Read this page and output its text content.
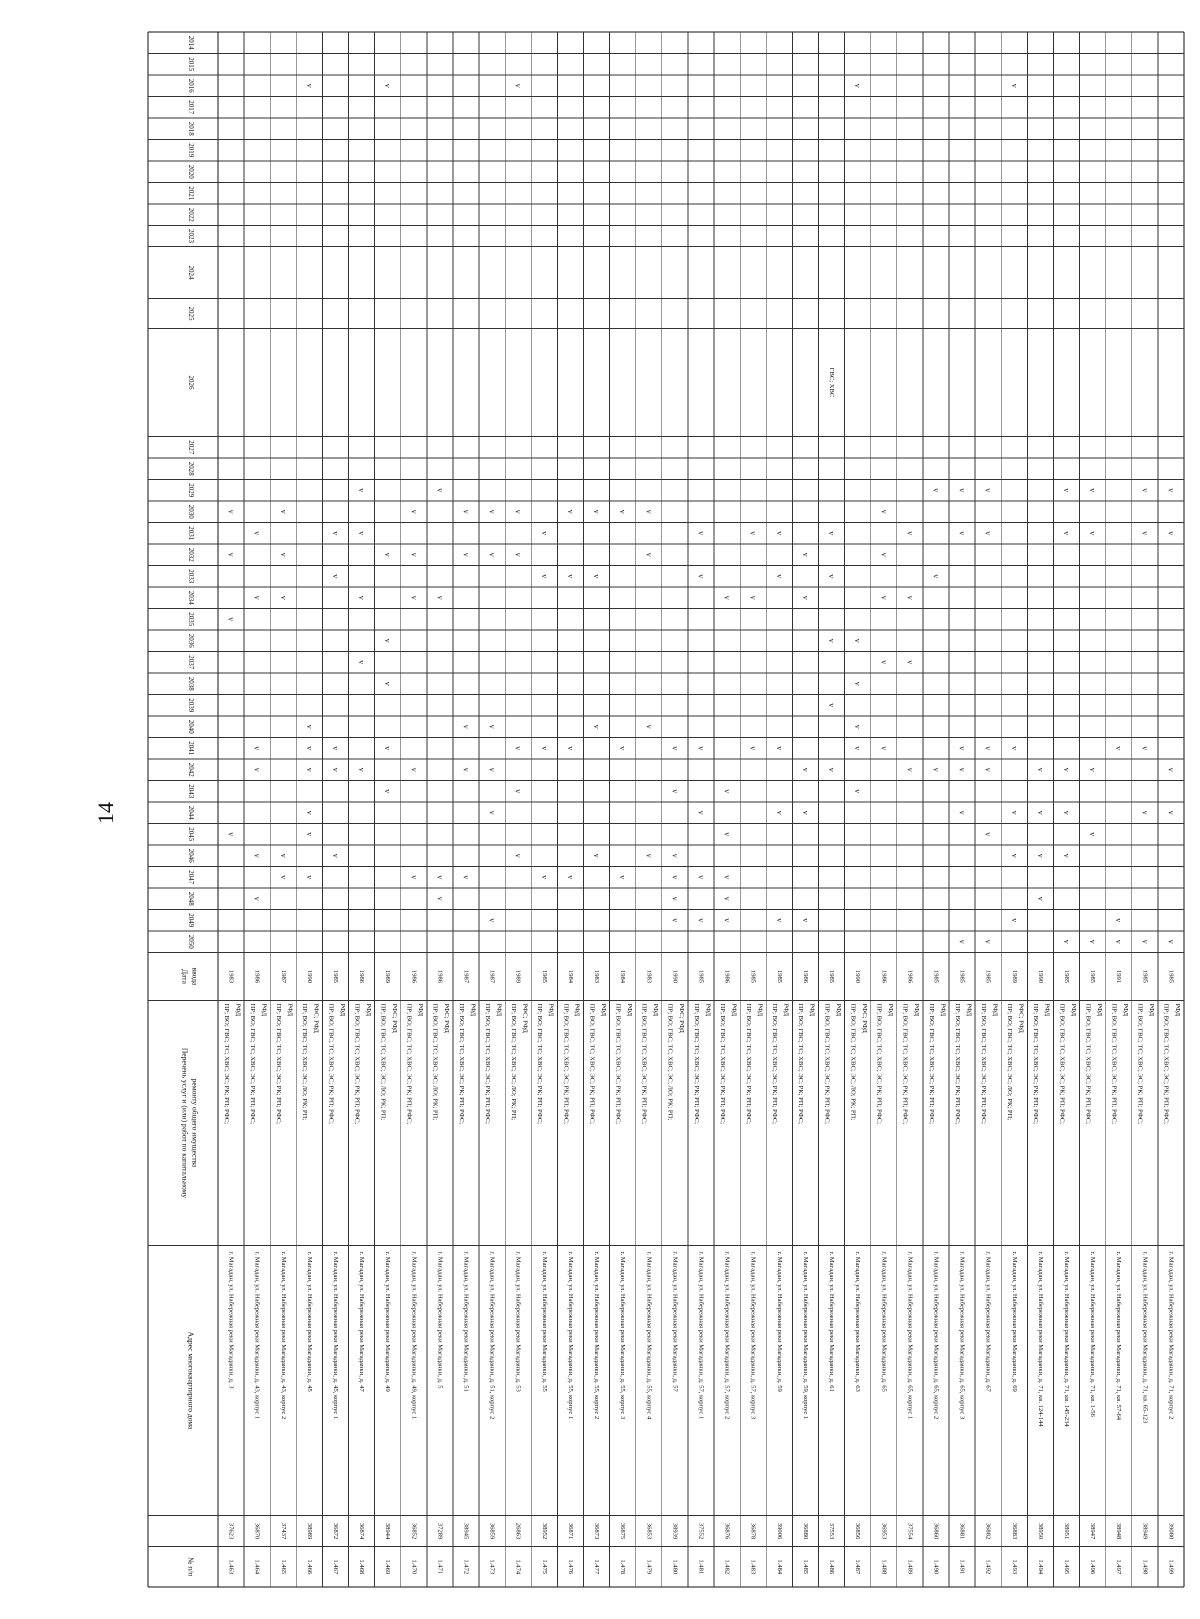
14
2014
2015
2016
2017
2018
2019
2020
2021
2022
2023
2024
2025
2026
2027
2028
2029
2030
2031
2032
2033
2034
2035
2036
2037
2038
2039
2040
2041
2042
2043
2044
2045
2046
2047
2048
2049
2050
Дата ввода
Перечень услуг и (или) работ по капитальному ремонту общего имущества
Адрес многоквартирного дома
№ п/п	1.463
37623
г. Магадан, ул. Набережная реки Магаданки, д. 3
ПР; ВО; ГВС; ТС; ХВС; ЭС; РК; РП; РФС; РФД
1983
v
v
v
v
1.464
36870
г. Магадан, ул. Набережная реки Магаданки, д. 43, корпус 1
ПР; ВО; ГВС; ТС; ХВС; ЭС; РК; РП; РФС; РФД
1986
v
v
v
v
v
v
1.465
37437
г. Магадан, ул. Набережная реки Магаданки, д. 43, корпус 2
ПР; ВО; ГВС; ТС; ХВС; ЭС; РК; РП; РФС; РФД
1987
v
v
v
v
v
1.466
38989
г. Магадан, ул. Набережная реки Магаданки, д. 45
ПР; ВО; ГВС; ТС; ХВС; ЭС; ЛО; РК; РП; РФС; РФД
1990
v
v
v
v
v
v
v
1.467
36872
г. Магадан, ул. Набережная реки Магаданки, д. 45, корпус 1
ПР; ВО; ГВС; ТС; ХВС; ЭС; РК; РП; РФС; РФД
1985
v
v
v
v
v
1.468
36874
г. Магадан, ул. Набережная реки Магаданки, д. 47
ПР; ВО; ГВС; ТС; ХВС; ЭС; РК; РП; РФС; РФД
1986
v
v
v
v
v
1.469
38944
г. Магадан, ул. Набережная реки Магаданки, д. 49
ПР; ВО; ГВС; ТС; ХВС; ЭС; ЛО; РК; РП; РФС; РФД
1989
v
v
v
v
v
v
1.470
36852
г. Магадан, ул. Набережная реки Магаданки, д. 49, корпус 1
ПР; ВО; ГВС; ТС; ХВС; ЭС; РК; РП; РФС; РФД
1986
v
v
v
v
v
1.471
37289
г. Магадан, ул. Набережная реки Магаданки, д. 5
ПР; ВО; ГВС; ТС; ХВС; ЭС; ЛО; РК; РП; РФС; РФД
1986
v
v
v
v
1.472
38945
г. Магадан, ул. Набережная реки Магаданки, д. 51
ПР; ВО; ГВС; ТС; ХВС; ЭС; РК; РП; РФС; РФД
1987
v
v
v
v
v
1.473
36859
г. Магадан, ул. Набережная реки Магаданки, д. 51, корпус 2
ПР; ВО; ГВС; ТС; ХВС; ЭС; РК; РП; РФС; РФД
1987
v
v
v
v
v
v
1.474
26863
г. Магадан, ул. Набережная реки Магаданки, д. 53
ПР; ВО; ГВС; ТС; ХВС; ЭС; ЛО; РК; РП; РФС; РФД
1989
v
v
v
v
v
v
1.475
38952
г. Магадан, ул. Набережная реки Магаданки, д. 55
ПР; ВО; ГВС; ТС; ХВС; ЭС; РК; РП; РФС; РФД
1985
v
v
v
v
1.476
36871
г. Магадан, ул. Набережная реки Магаданки, д. 55, корпус 1
ПР; ВО; ГВС; ТС; ХВС; ЭС; РК; РП; РФС; РФД
1984
v
v
v
v
1.477
36873
г. Магадан, ул. Набережная реки Магаданки, д. 55, корпус 2
ПР; ВО; ГВС; ТС; ХВС; ЭС; РК; РП; РФС; РФД
1983
v
v
v
v
1.478
36875
г. Магадан, ул. Набережная реки Магаданки, д. 55, корпус 3
ПР; ВО; ГВС; ТС; ХВС; ЭС; РК; РП; РФС; РФД
1984
v
v
v
1.479
36853
г. Магадан, ул. Набережная реки Магаданки, д. 55, корпус 4
ПР; ВО; ГВС; ТС; ХВС; ЭС; РК; РП; РФС; РФД
1983
v
v
v
v
1.480
38939
г. Магадан, ул. Набережная реки Магаданки, д. 57
ПР; ВО; ГВС; ТС; ХВС; ЭС; ЛО; РК; РП; РФС; РФД
1990
v
v
v
v
v
v
1.481
37552
г. Магадан, ул. Набережная реки Магаданки, д. 57, корпус 1
ПР; ВО; ГВС; ТС; ХВС; ЭС; РК; РП; РФС; РФД
1985
v
v
v
v
v
v
1.482
36876
г. Магадан, ул. Набережная реки Магаданки, д. 57, корпус 2
ПР; ВО; ГВС; ТС; ХВС; ЭС; РК; РП; РФС; РФД
1986
v
v
v
v
v
v
1.483
36878
г. Магадан, ул. Набережная реки Магаданки, д. 57, корпус 3
ПР; ВО; ГВС; ТС; ХВС; ЭС; РК; РП; РФС; РФД
1985
v
v
v
1.484
39006
г. Магадан, ул. Набережная реки Магаданки, д. 59
ПР; ВО; ГВС; ТС; ХВС; ЭС; РК; РП; РФС; РФД
1985
v
v
v
v
v
1.485
36880
г. Магадан, ул. Набережная реки Магаданки, д. 59, корпус 1
ПР; ВО; ГВС; ТС; ХВС; ЭС; РК; РП; РФС; РФД
1986
v
v
v
v
v
1.486
37553
г. Магадан, ул. Набережная реки Магаданки, д. 61
ПР; ВО; ГВС; ТС; ХВС; ЭС; РК; РП; РФС; РФД
1985
v
v
v
v
v
ГВС; ХВС
1.487
36856
г. Магадан, ул. Набережная реки Магаданки, д. 63
ПР; ВО; ГВС; ТС; ХВС; ЭС; ЛО; РК; РП; РФС; РФД
1990
v
v
v
v
v
v
1.488
36953
г. Магадан, ул. Набережная реки Магаданки, д. 65
ПР; ВО; ГВС; ТС; ХВС; ЭС; РК; РП; РФС; РФД
1986
v
v
v
v
v
1.489
37554
г. Магадан, ул. Набережная реки Магаданки, д. 65, корпус 1
ПР; ВО; ГВС; ТС; ХВС; ЭС; РК; РП; РФС; РФД
1986
v
v
v
v
1.490
36860
г. Магадан, ул. Набережная реки Магаданки, д. 65, корпус 2
ПР; ВО; ГВС; ТС; ХВС; ЭС; РК; РП; РФС; РФД
1985
v
v
v
1.491
36881
г. Магадан, ул. Набережная реки Магаданки, д. 65, корпус 3
ПР; ВО; ГВС; ТС; ХВС; ЭС; РК; РП; РФС; РФД
1985
v
v
v
v
v
v
1.492
36882
г. Магадан, ул. Набережная реки Магаданки, д. 67
ПР; ВО; ГВС; ТС; ХВС; ЭС; РК; РП; РФС; РФД
1985
v
v
v
v
v
v
1.493
36883
г. Магадан, ул. Набережная реки Магаданки, д. 69
ПР; ВО; ГВС; ТС; ХВС; ЭС; ЛО; РК; РП; РФС; РФД
1989
v
v
v
v
v
1.494
38950
г. Магадан, ул. Набережная реки Магаданки, д. 71, кв. 124-144
ПР; ВО; ГВС; ТС; ХВС; ЭС; РК; РП; РФС; РФД
1990
v
v
v
v
1.495
38951
г. Магадан, ул. Набережная реки Магаданки, д. 71, кв. 145-234
ПР; ВО; ГВС; ТС; ХВС; ЭС; РК; РП; РФС; РФД
1985
v
v
v
v
v
v
1.496
38947
г. Магадан, ул. Набережная реки Магаданки, д. 71, кв. 1-56
ПР; ВО; ГВС; ТС; ХВС; ЭС; РК; РП; РФС; РФД
1985
v
v
v
v
v
1.497
38948
г. Магадан, ул. Набережная реки Магаданки, д. 71, кв. 57-64
ПР; ВО; ГВС; ТС; ХВС; ЭС; РК; РП; РФС; РФД
1991
v
v
v
1.498
38949
г. Магадан, ул. Набережная реки Магаданки, д. 71, кв. 65-123
ПР; ВО; ГВС; ТС; ХВС; ЭС; РК; РП; РФС; РФД
1985
v
v
v
v
v
1.499
39080
г. Магадан, ул. Набережная реки Магаданки, д. 71, корпус 2
ПР; ВО; ГВС; ТС; ХВС; ЭС; РК; РП; РФС; РФД
1985
v
v
v
v
v
